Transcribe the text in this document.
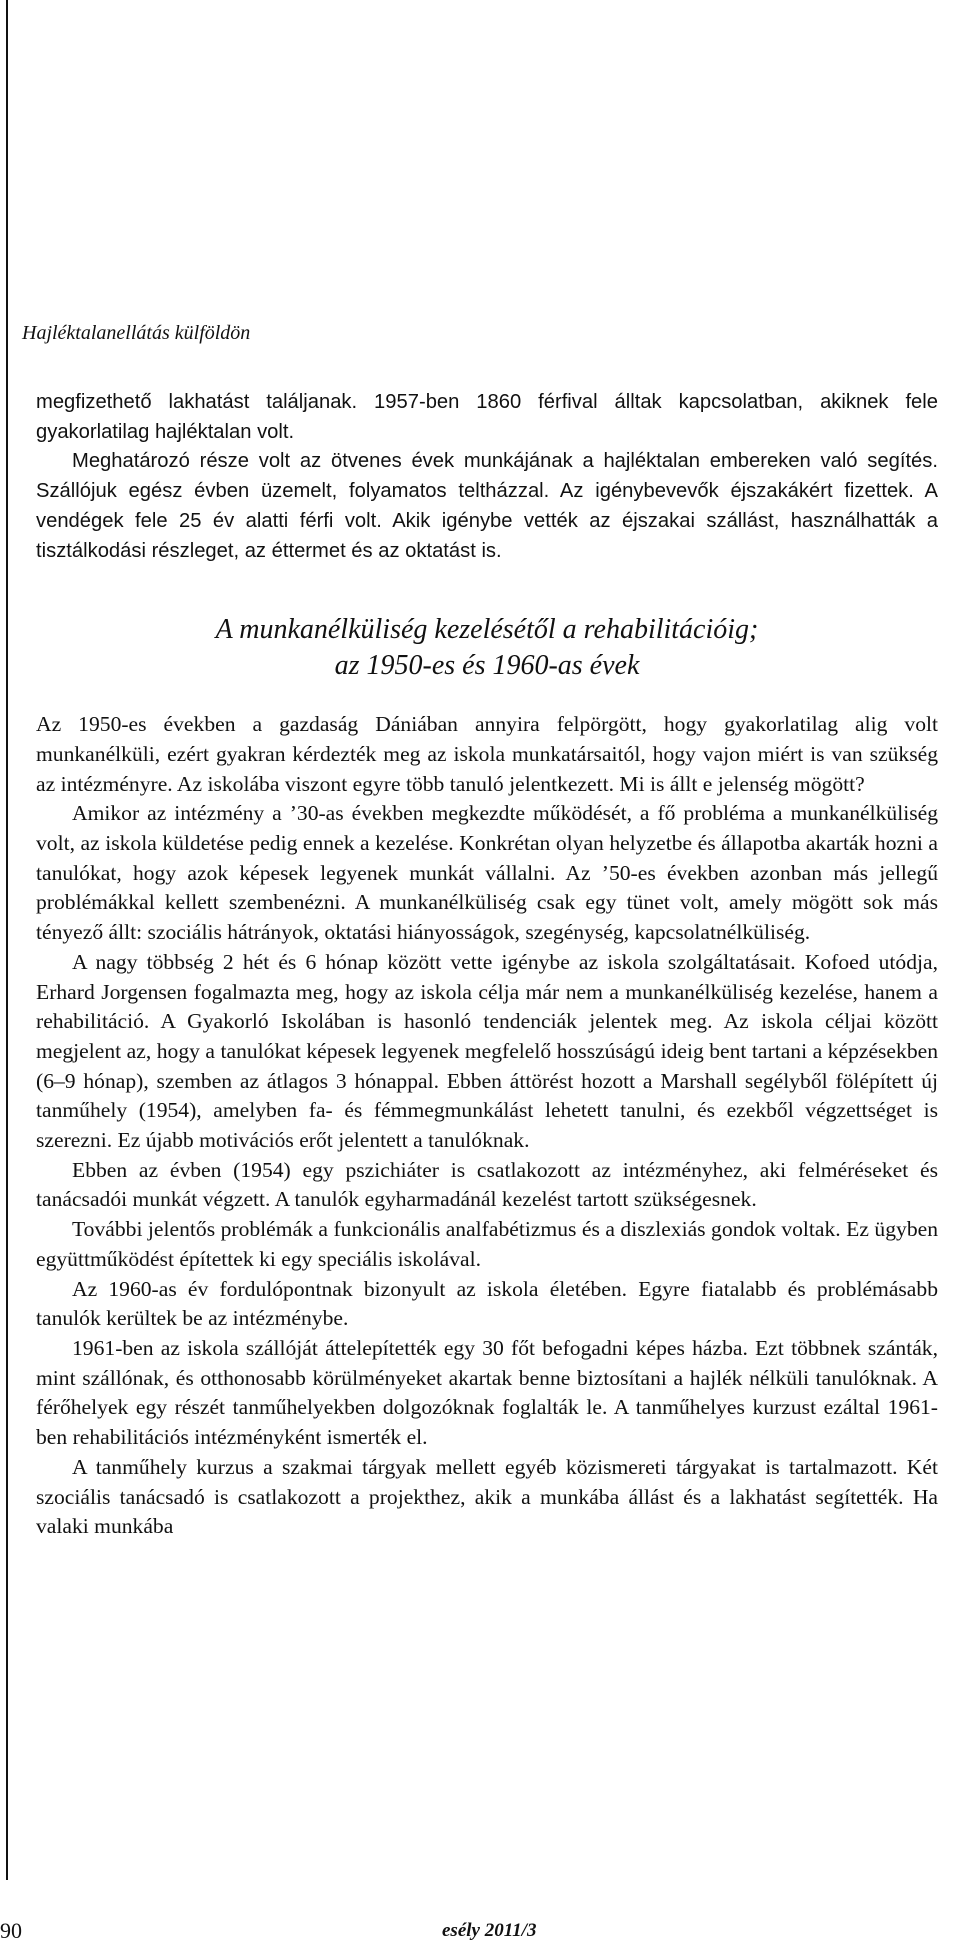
Hajléktalanellátás külföldön

megfizethető lakhatást találjanak. 1957-ben 1860 férfival álltak kapcsolatban, akiknek fele gyakorlatilag hajléktalan volt.

Meghatározó része volt az ötvenes évek munkájának a hajléktalan embereken való segítés. Szállójuk egész évben üzemelt, folyamatos teltházzal. Az igénybevevők éjszakákért fizettek. A vendégek fele 25 év alatti férfi volt. Akik igénybe vették az éjszakai szállást, használhatták a tisztálkodási részleget, az éttermet és az oktatást is.

A munkanélküliség kezelésétől a rehabilitációig;
az 1950-es és 1960-as évek

Az 1950-es években a gazdaság Dániában annyira felpörgött, hogy gyakorlatilag alig volt munkanélküli, ezért gyakran kérdezték meg az iskola munkatársaitól, hogy vajon miért is van szükség az intézményre. Az iskolába viszont egyre több tanuló jelentkezett. Mi is állt e jelenség mögött?

Amikor az intézmény a ’30-as években megkezdte működését, a fő probléma a munkanélküliség volt, az iskola küldetése pedig ennek a kezelése. Konkrétan olyan helyzetbe és állapotba akarták hozni a tanulókat, hogy azok képesek legyenek munkát vállalni. Az ’50-es években azonban más jellegű problémákkal kellett szembenézni. A munkanélküliség csak egy tünet volt, amely mögött sok más tényező állt: szociális hátrányok, oktatási hiányosságok, szegénység, kapcsolatnélküliség.

A nagy többség 2 hét és 6 hónap között vette igénybe az iskola szolgáltatásait. Kofoed utódja, Erhard Jorgensen fogalmazta meg, hogy az iskola célja már nem a munkanélküliség kezelése, hanem a rehabilitáció. A Gyakorló Iskolában is hasonló tendenciák jelentek meg. Az iskola céljai között megjelent az, hogy a tanulókat képesek legyenek megfelelő hosszúságú ideig bent tartani a képzésekben (6–9 hónap), szemben az átlagos 3 hónappal. Ebben áttörést hozott a Marshall segélyből fölépített új tanműhely (1954), amelyben fa- és fémmegmunkálást lehetett tanulni, és ezekből végzettséget is szerezni. Ez újabb motivációs erőt jelentett a tanulóknak.

Ebben az évben (1954) egy pszichiáter is csatlakozott az intézményhez, aki felméréseket és tanácsadói munkát végzett. A tanulók egyharmadánál kezelést tartott szükségesnek.

További jelentős problémák a funkcionális analfabétizmus és a diszlexiás gondok voltak. Ez ügyben együttműködést építettek ki egy speciális iskolával.

Az 1960-as év fordulópontnak bizonyult az iskola életében. Egyre fiatalabb és problémásabb tanulók kerültek be az intézménybe.

1961-ben az iskola szállóját áttelepítették egy 30 főt befogadni képes házba. Ezt többnek szánták, mint szállónak, és otthonosabb körülményeket akartak benne biztosítani a hajlék nélküli tanulóknak. A férőhelyek egy részét tanműhelyekben dolgozóknak foglalták le. A tanműhelyes kurzust ezáltal 1961-ben rehabilitációs intézményként ismerték el.

A tanműhely kurzus a szakmai tárgyak mellett egyéb közismereti tárgyakat is tartalmazott. Két szociális tanácsadó is csatlakozott a projekthez, akik a munkába állást és a lakhatást segítették. Ha valaki munkába

90	esély 2011/3
